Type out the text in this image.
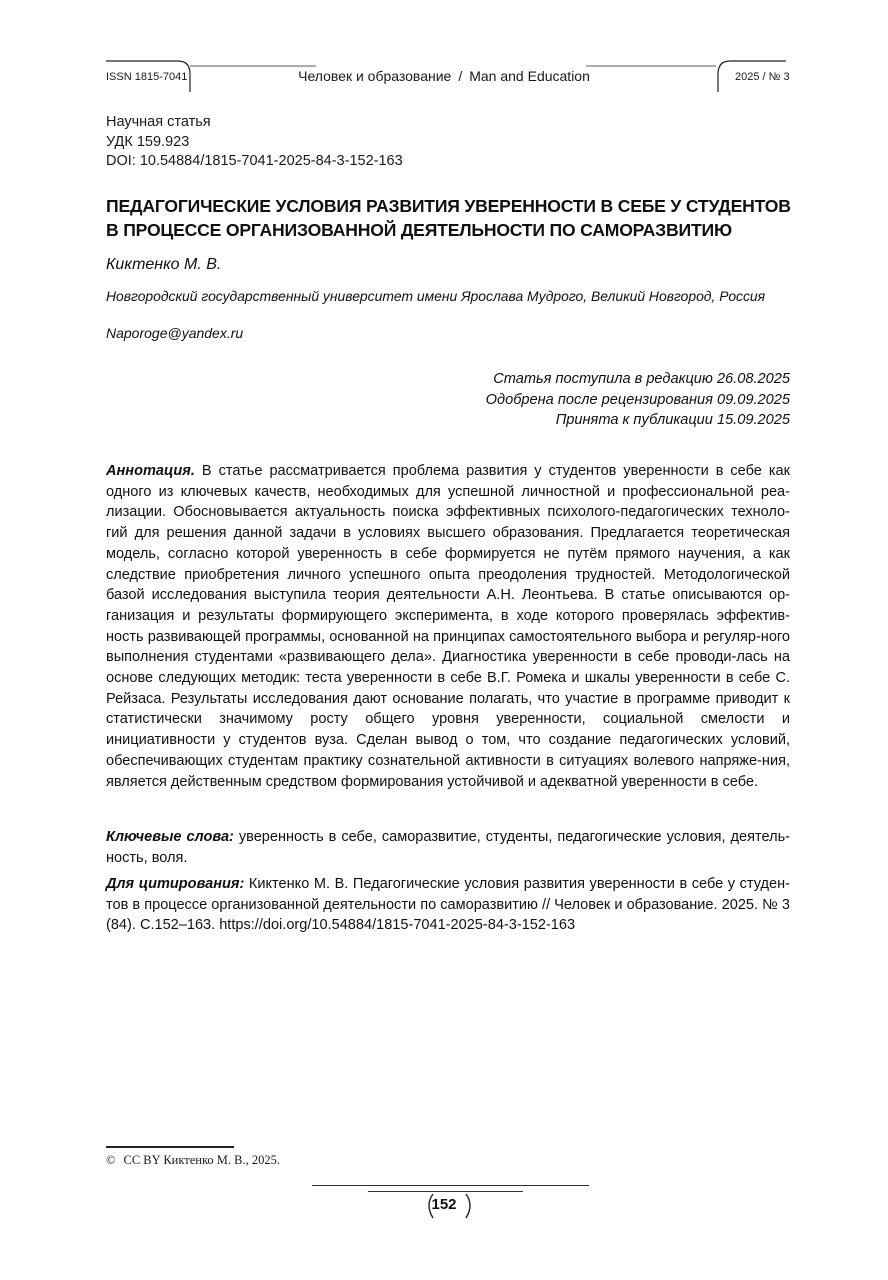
ISSN 1815-7041	Человек и образование / Man and Education	2025 / № 3
Научная статья
УДК 159.923
DOI: 10.54884/1815-7041-2025-84-3-152-163
ПЕДАГОГИЧЕСКИЕ УСЛОВИЯ РАЗВИТИЯ УВЕРЕННОСТИ В СЕБЕ У СТУДЕНТОВ
В ПРОЦЕССЕ ОРГАНИЗОВАННОЙ ДЕЯТЕЛЬНОСТИ ПО САМОРАЗВИТИЮ
Киктенко М. В.
Новгородский государственный университет имени Ярослава Мудрого, Великий Новгород, Россия
Naporoge@yandex.ru
Статья поступила в редакцию 26.08.2025
Одобрена после рецензирования 09.09.2025
Принята к публикации 15.09.2025
Аннотация. В статье рассматривается проблема развития у студентов уверенности в себе как одного из ключевых качеств, необходимых для успешной личностной и профессиональной реа-лизации. Обосновывается актуальность поиска эффективных психолого-педагогических техноло-гий для решения данной задачи в условиях высшего образования. Предлагается теоретическая модель, согласно которой уверенность в себе формируется не путём прямого научения, а как следствие приобретения личного успешного опыта преодоления трудностей. Методологической базой исследования выступила теория деятельности А.Н. Леонтьева. В статье описываются ор-ганизация и результаты формирующего эксперимента, в ходе которого проверялась эффектив-ность развивающей программы, основанной на принципах самостоятельного выбора и регуляр-ного выполнения студентами «развивающего дела». Диагностика уверенности в себе проводи-лась на основе следующих методик: теста уверенности в себе В.Г. Ромека и шкалы уверенности в себе С. Рейзаса. Результаты исследования дают основание полагать, что участие в программе приводит к статистически значимому росту общего уровня уверенности, социальной смелости и инициативности у студентов вуза. Сделан вывод о том, что создание педагогических условий, обеспечивающих студентам практику сознательной активности в ситуациях волевого напряже-ния, является действенным средством формирования устойчивой и адекватной уверенности в себе.
Ключевые слова: уверенность в себе, саморазвитие, студенты, педагогические условия, деятель-ность, воля.
Для цитирования: Киктенко М. В. Педагогические условия развития уверенности в себе у студен-тов в процессе организованной деятельности по саморазвитию // Человек и образование. 2025. № 3 (84). С.152–163. https://doi.org/10.54884/1815-7041-2025-84-3-152-163
© CC BY Киктенко М. В., 2025.
152
